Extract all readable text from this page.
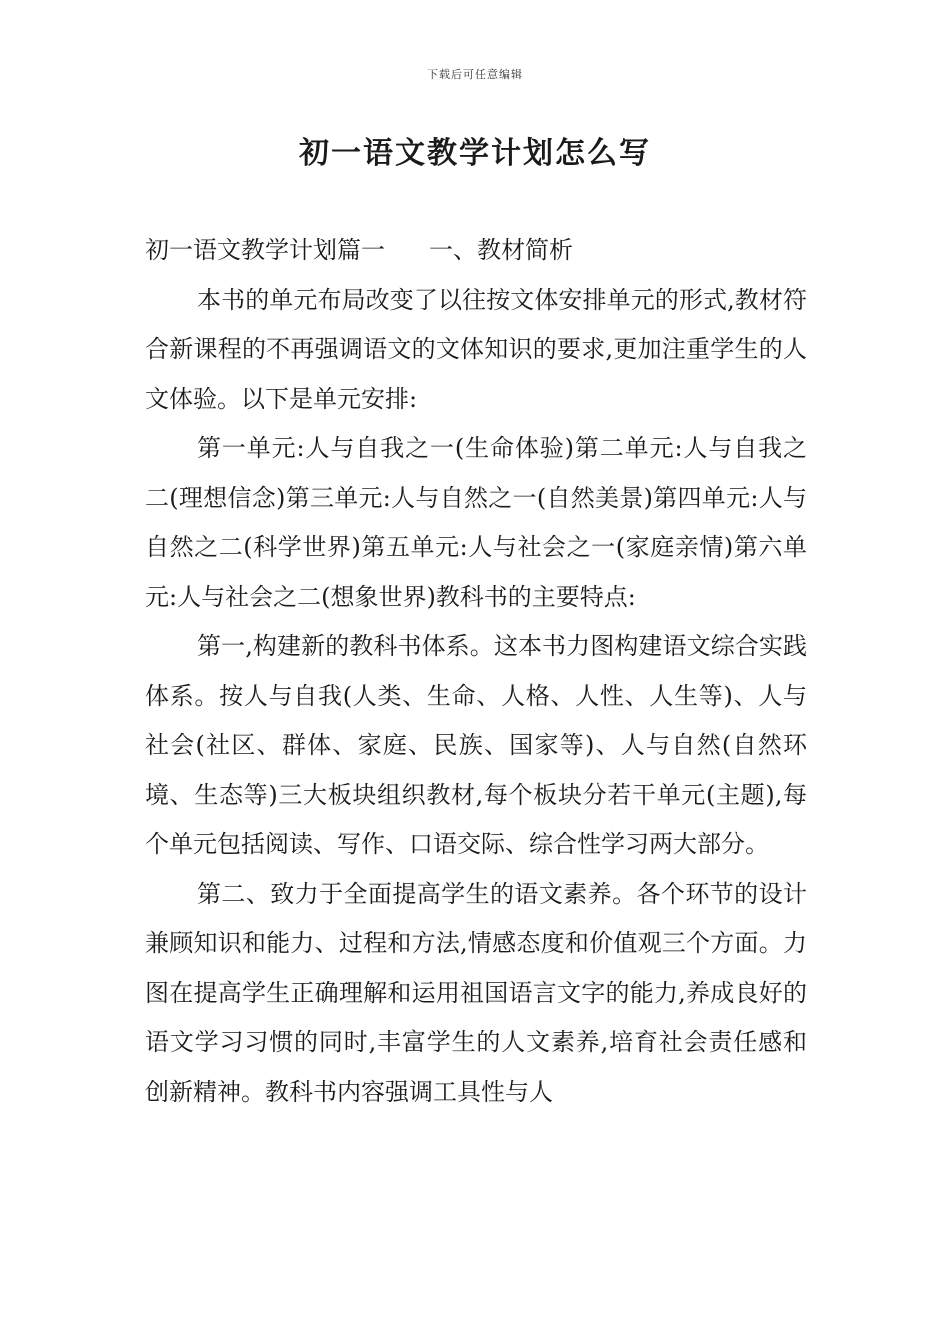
下载后可任意编辑
初一语文教学计划怎么写

初一语文教学计划篇一 一、教材简析

本书的单元布局改变了以往按文体安排单元的形式,教材符合新课程的不再强调语文的文体知识的要求,更加注重学生的人文体验。以下是单元安排:

第一单元:人与自我之一(生命体验)第二单元:人与自我之二(理想信念)第三单元:人与自然之一(自然美景)第四单元:人与自然之二(科学世界)第五单元:人与社会之一(家庭亲情)第六单元:人与社会之二(想象世界)教科书的主要特点:

第一,构建新的教科书体系。这本书力图构建语文综合实践体系。按人与自我(人类、生命、人格、人性、人生等)、人与社会(社区、群体、家庭、民族、国家等)、人与自然(自然环境、生态等)三大板块组织教材,每个板块分若干单元(主题),每个单元包括阅读、写作、口语交际、综合性学习两大部分。

第二、致力于全面提高学生的语文素养。各个环节的设计兼顾知识和能力、过程和方法,情感态度和价值观三个方面。力图在提高学生正确理解和运用祖国语言文字的能力,养成良好的语文学习习惯的同时,丰富学生的人文素养,培育社会责任感和创新精神。教科书内容强调工具性与人
